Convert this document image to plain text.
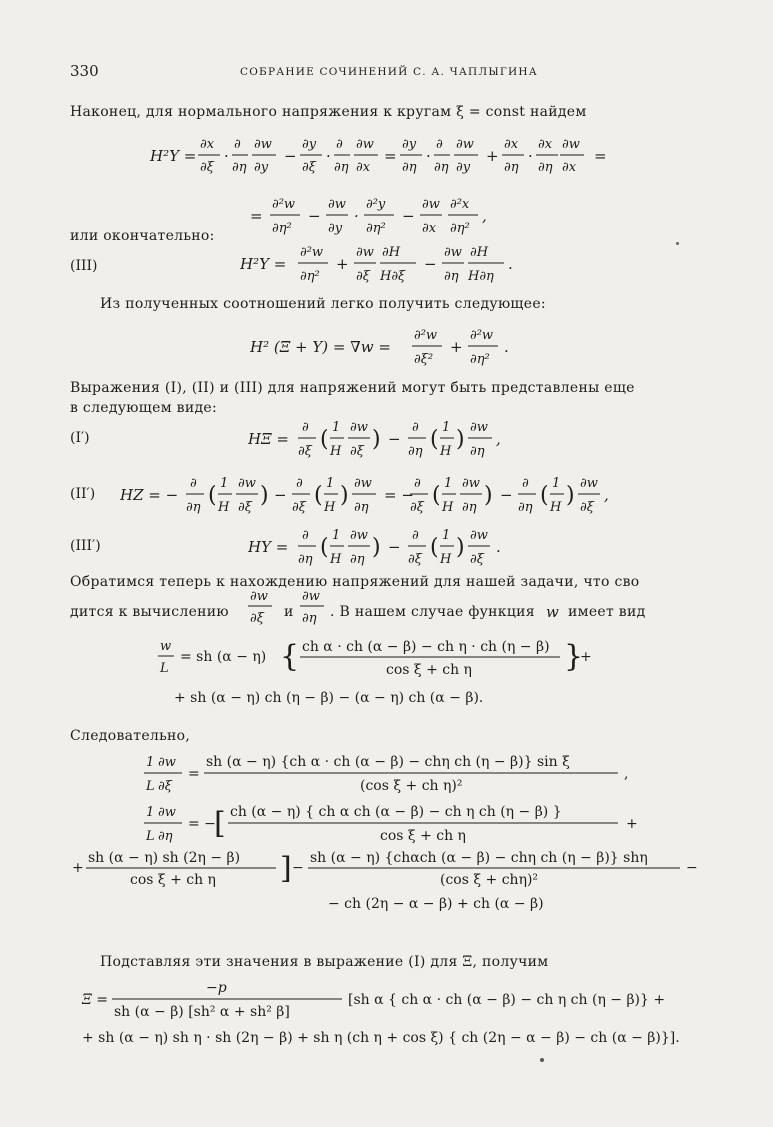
330	СОБРАНИЕ СОЧИНЕНИЙ С. А. ЧАПЛЫГИНА
Наконец, для нормального напряжения к кругам ξ = const найдем
H²Υ =
∂x
∂ξ
·
∂
∂η
∂w
∂y
−
∂y
∂ξ
·
∂
∂η
∂w
∂x
=
∂y
∂η
·
∂
∂η
∂w
∂y
+
∂x
∂η
·
∂x
∂η
∂w
∂x
=
=
∂²w
∂η²
−
∂w
∂y
·
∂²y
∂η²
−
∂w
∂x
∂²x
∂η²
,
или окончательно:
(III)	H²Υ =
∂²w
∂η²
+
∂w
∂ξ
∂H
H∂ξ
−
∂w
∂η
∂H
H∂η
.
Из полученных соотношений легко получить следующее:
H² (Ξ + Υ) = ∇w =
∂²w
∂ξ²
+
∂²w
∂η²
.
Выражения (I), (II) и (III) для напряжений могут быть представлены еще
в следующем виде:
(I′)	HΞ =
∂
∂ξ ( 1
H
∂w
∂ξ ) −
∂
∂η ( 1
H ) ∂w
∂η
,
(II′) HZ = −
∂
∂η ( 1
H
∂w
∂ξ ) −
∂
∂ξ ( 1
H ) ∂w
∂η
= −
∂
∂ξ ( 1
H
∂w
∂η ) −
∂
∂η ( 1
H ) ∂w
∂ξ
,
(III′)	HΥ =
∂
∂η ( 1
H
∂w
∂η ) −
∂
∂ξ ( 1
H ) ∂w
∂ξ
.
Обратимся теперь к нахождению напряжений для нашей задачи, что сво
дится к вычислению
∂w
∂ξ и
∂w
∂η . В нашем случае функция w имеет вид
w
L
= sh (α − η) { ch α · ch (α − β) − ch η · ch (η − β)
cos ξ + ch η	}
+
+ sh (α − η) ch (η − β) − (α − η) ch (α − β).
Следовательно,
1 ∂w
L ∂ξ
=
sh (α − η) {ch α · ch (α − β) − chη ch (η − β)} sin ξ
(cos ξ + ch η)²
,
1 ∂w
L ∂η
= −
[ ch (α − η) { ch α ch (α − β) − ch η ch (η − β) }
cos ξ + ch η
+
+
sh (α − η) sh (2η − β)
cos ξ + ch η ] −
sh (α − η) {chαch (α − β) − chη ch (η − β)} shη
(cos ξ + chη)²
−
− ch (2η − α − β) + ch (α − β)
Подставляя эти значения в выражение (I) для Ξ, получим
Ξ =
−p
sh (α − β) [sh² α + sh² β]
[sh α { ch α · ch (α − β) − ch η ch (η − β)} +
+ sh (α − η) sh η · sh (2η − β) + sh η (ch η + cos ξ) { ch (2η − α − β) − ch (α − β)}].
